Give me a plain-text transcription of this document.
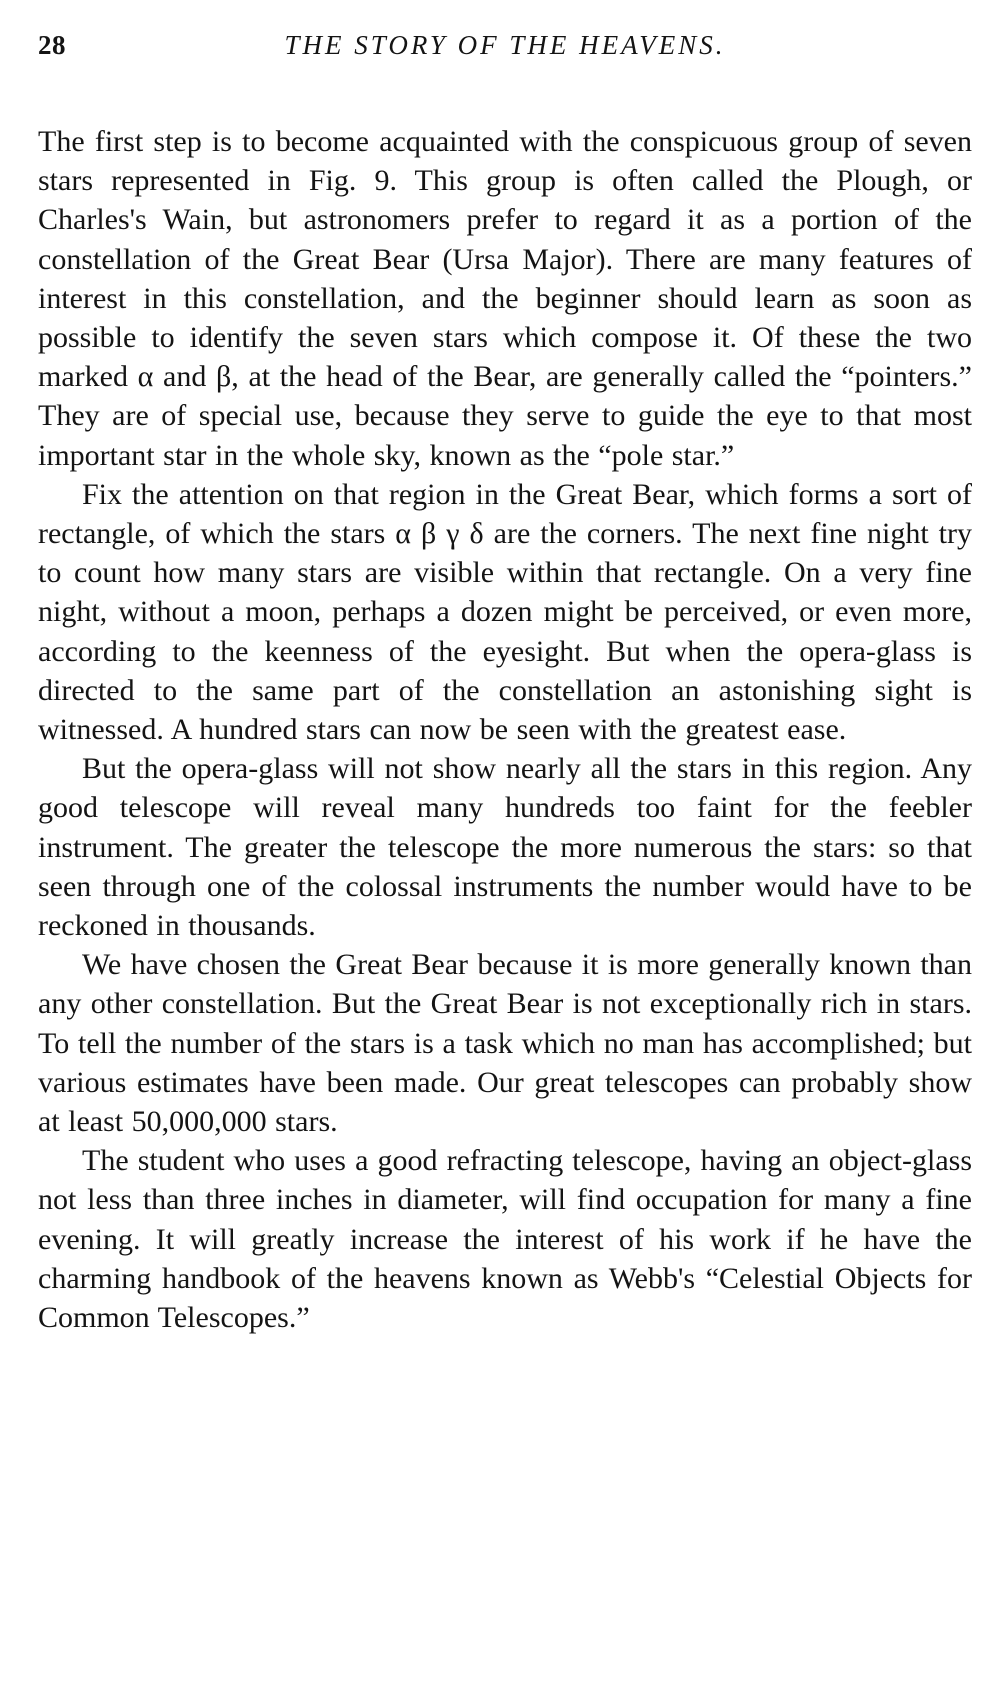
28	THE STORY OF THE HEAVENS.

The first step is to become acquainted with the conspicuous group of seven stars represented in Fig. 9. This group is often called the Plough, or Charles's Wain, but astronomers prefer to regard it as a portion of the constellation of the Great Bear (Ursa Major). There are many features of interest in this constellation, and the beginner should learn as soon as possible to identify the seven stars which compose it. Of these the two marked α and β, at the head of the Bear, are generally called the “pointers.” They are of special use, because they serve to guide the eye to that most important star in the whole sky, known as the “pole star.”

Fix the attention on that region in the Great Bear, which forms a sort of rectangle, of which the stars α β γ δ are the corners. The next fine night try to count how many stars are visible within that rectangle. On a very fine night, without a moon, perhaps a dozen might be perceived, or even more, according to the keenness of the eyesight. But when the opera-glass is directed to the same part of the constellation an astonishing sight is witnessed. A hundred stars can now be seen with the greatest ease.

But the opera-glass will not show nearly all the stars in this region. Any good telescope will reveal many hundreds too faint for the feebler instrument. The greater the telescope the more numerous the stars: so that seen through one of the colossal instruments the number would have to be reckoned in thousands.

We have chosen the Great Bear because it is more generally known than any other constellation. But the Great Bear is not exceptionally rich in stars. To tell the number of the stars is a task which no man has accomplished; but various estimates have been made. Our great telescopes can probably show at least 50,000,000 stars.

The student who uses a good refracting telescope, having an object-glass not less than three inches in diameter, will find occupation for many a fine evening. It will greatly increase the interest of his work if he have the charming handbook of the heavens known as Webb's “Celestial Objects for Common Telescopes.”
